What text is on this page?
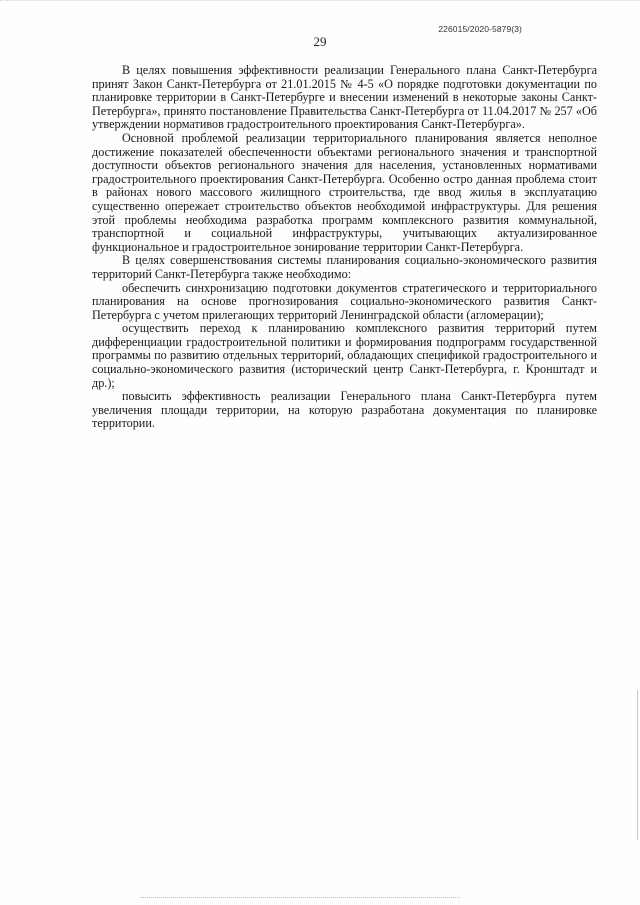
226015/2020-5879(3)
29

В целях повышения эффективности реализации Генерального плана Санкт-Петербурга принят Закон Санкт-Петербурга от 21.01.2015 № 4-5 «О порядке подготовки документации по планировке территории в Санкт-Петербурге и внесении изменений в некоторые законы Санкт-Петербурга», принято постановление Правительства Санкт-Петербурга от 11.04.2017 № 257 «Об утверждении нормативов градостроительного проектирования Санкт-Петербурга».

Основной проблемой реализации территориального планирования является неполное достижение показателей обеспеченности объектами регионального значения и транспортной доступности объектов регионального значения для населения, установленных нормативами градостроительного проектирования Санкт-Петербурга. Особенно остро данная проблема стоит в районах нового массового жилищного строительства, где ввод жилья в эксплуатацию существенно опережает строительство объектов необходимой инфраструктуры. Для решения этой проблемы необходима разработка программ комплексного развития коммунальной, транспортной и социальной инфраструктуры, учитывающих актуализированное функциональное и градостроительное зонирование территории Санкт-Петербурга.

В целях совершенствования системы планирования социально-экономического развития территорий Санкт-Петербурга также необходимо:

обеспечить синхронизацию подготовки документов стратегического и территориального планирования на основе прогнозирования социально-экономического развития Санкт-Петербурга с учетом прилегающих территорий Ленинградской области (агломерации);

осуществить переход к планированию комплексного развития территорий путем дифференциации градостроительной политики и формирования подпрограмм государственной программы по развитию отдельных территорий, обладающих спецификой градостроительного и социально-экономического развития (исторический центр Санкт-Петербурга, г. Кронштадт и др.);

повысить эффективность реализации Генерального плана Санкт-Петербурга путем увеличения площади территории, на которую разработана документация по планировке территории.
